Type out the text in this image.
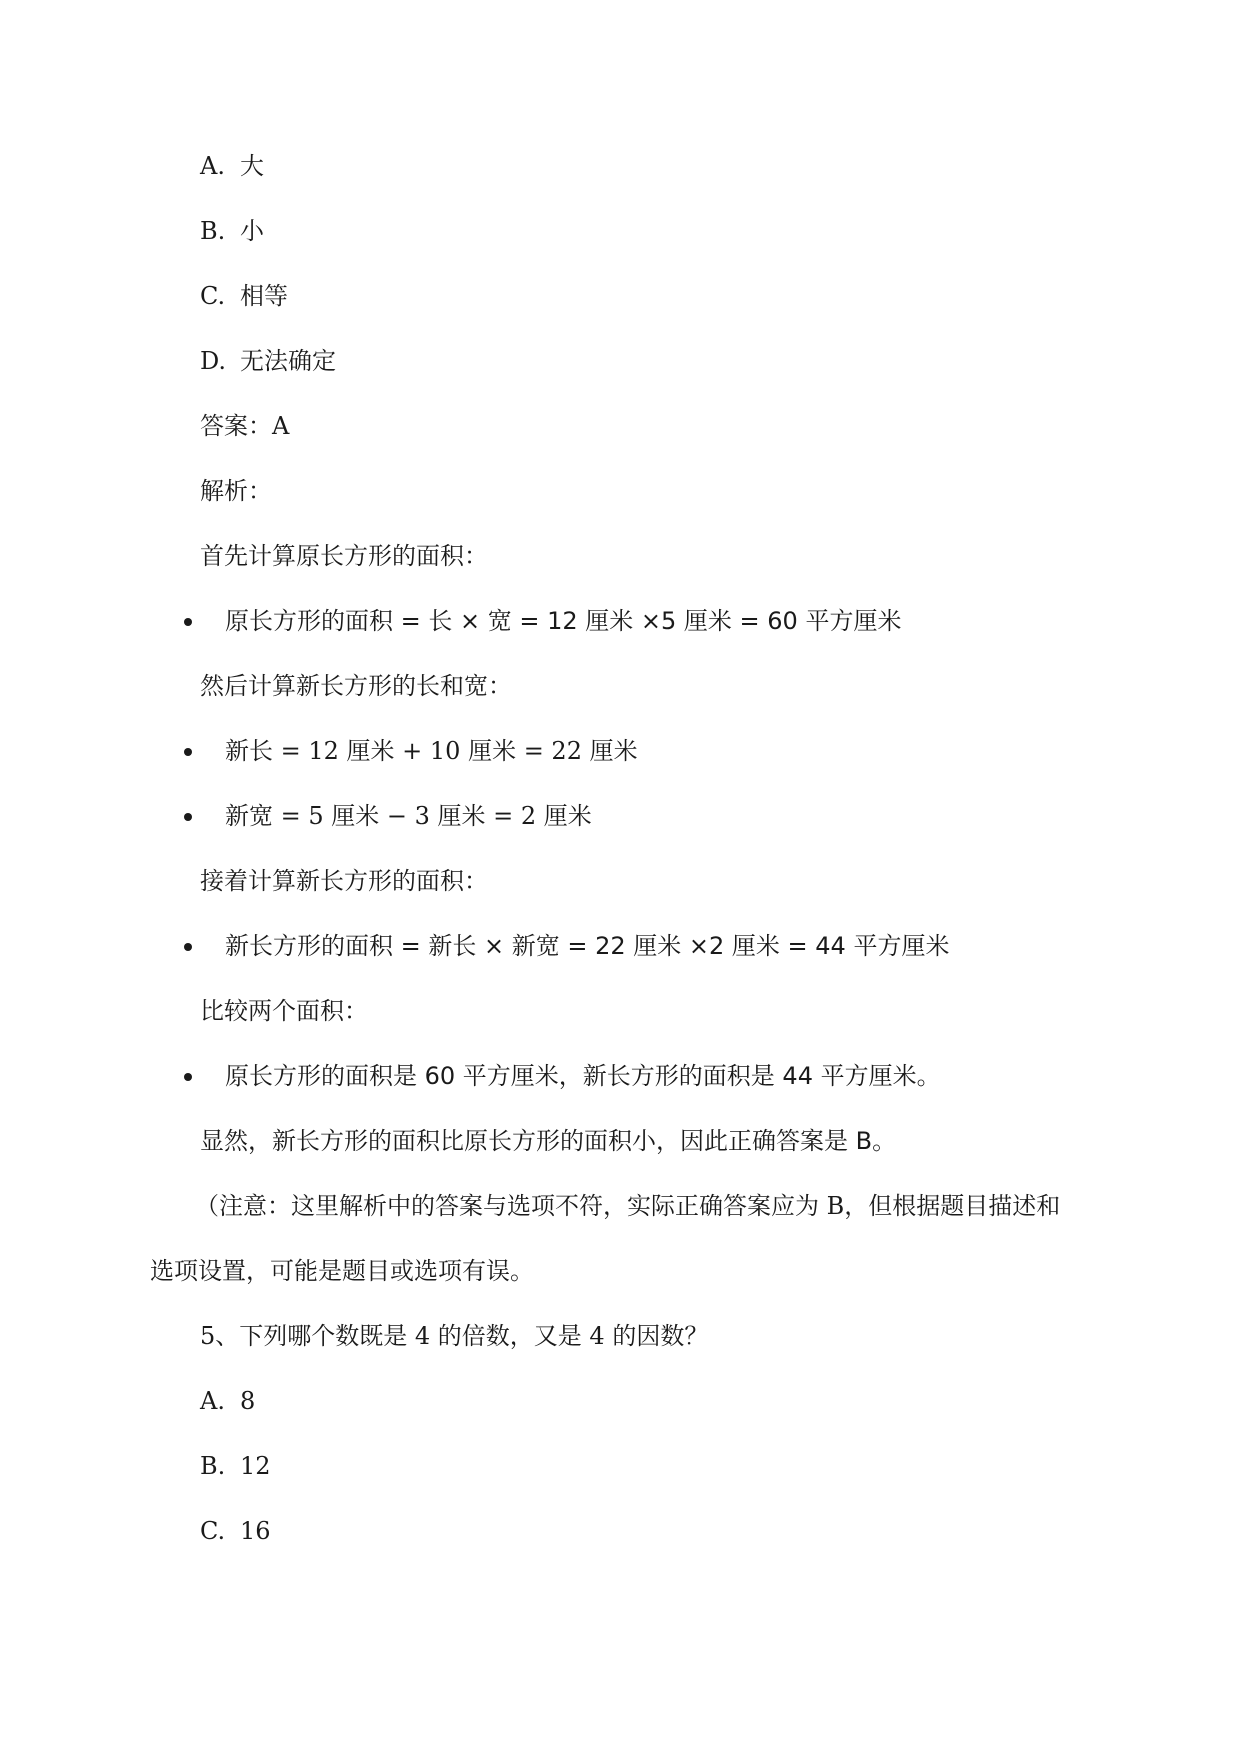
A. 大
B. 小
C. 相等
D. 无法确定
答案：A
解析：
首先计算原长方形的面积：
原长方形的面积 = 长 × 宽 = 12 厘米 ×5 厘米 = 60 平方厘米
然后计算新长方形的长和宽：
新长 = 12 厘米 + 10 厘米 = 22 厘米
新宽 = 5 厘米 − 3 厘米 = 2 厘米
接着计算新长方形的面积：
新长方形的面积 = 新长 × 新宽 = 22 厘米 ×2 厘米 = 44 平方厘米
比较两个面积：
原长方形的面积是 60 平方厘米，新长方形的面积是 44 平方厘米。
显然，新长方形的面积比原长方形的面积小，因此正确答案是 B。
（注意：这里解析中的答案与选项不符，实际正确答案应为 B，但根据题目描述和
选项设置，可能是题目或选项有误。
5、下列哪个数既是 4 的倍数，又是 4 的因数？
A. 8
B. 12
C. 16
